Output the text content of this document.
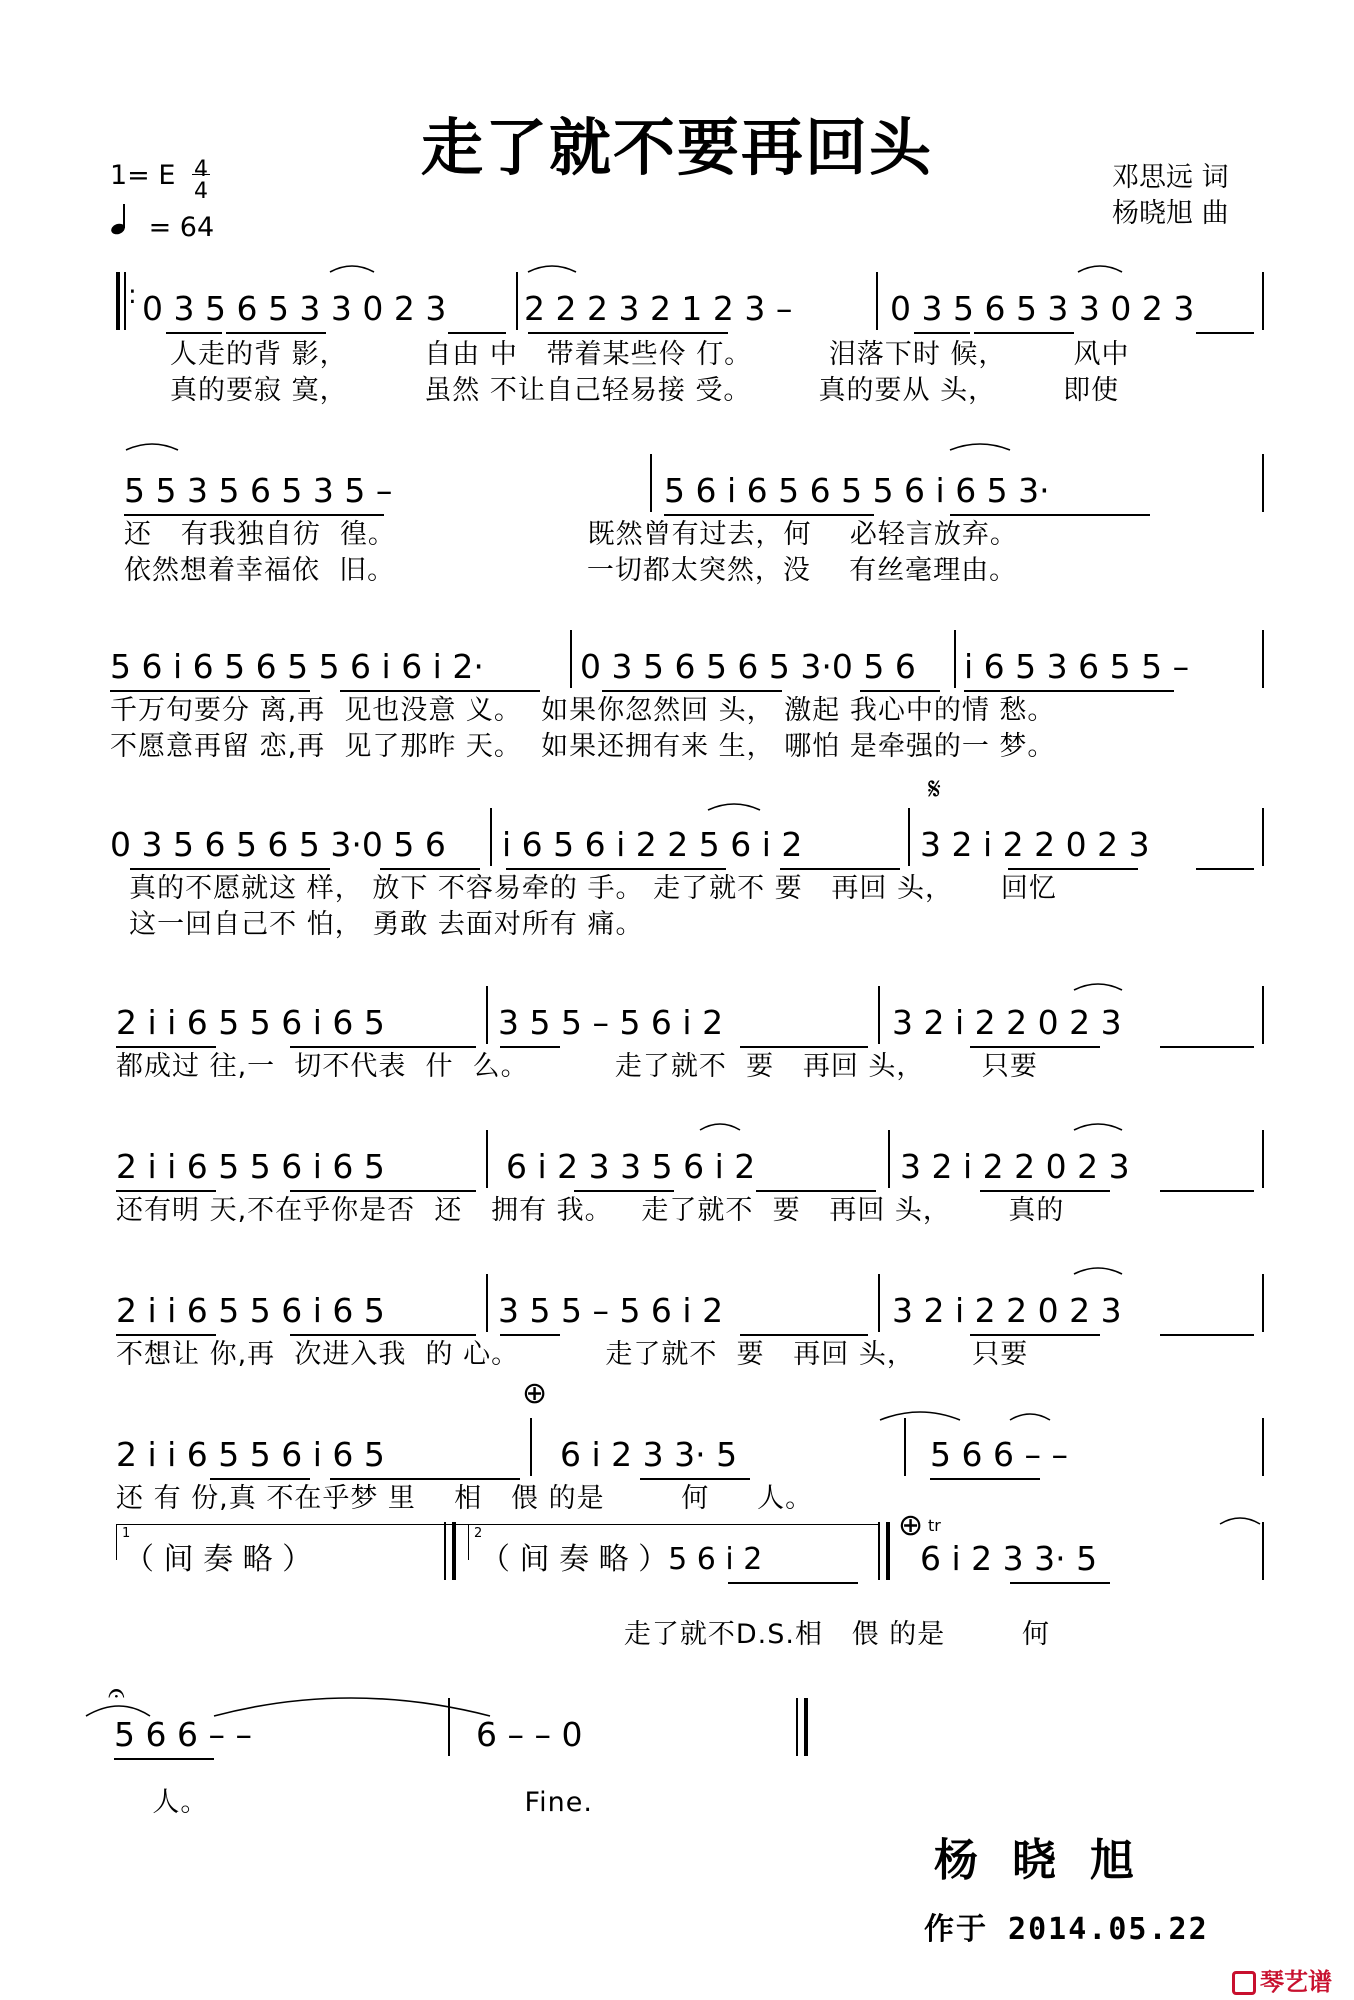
走了就不要再回头
1= E 4
4
= 64
邓思远 词
杨晓旭 曲
: 0 3 5 6 5 3 3 0 2 3	2 2 2 3 2 1 2 3 –	0 3 5 6 5 3 3 0 2 3
人走的背 影，        自由 中   带着某些伶 仃。        泪落下时 候，       风中
真的要寂 寞，        虽然 不让自己轻易接 受。       真的要从 头，       即使
5 5 3 5 6 5 3 5 –	5 6 i 6 5 6 5 5 6 i 6 5 3·
还   有我独自彷  徨。                    既然曾有过去，何    必轻言放弃。
依然想着幸福依  旧。                    一切都太突然，没    有丝毫理由。
5 6 i 6 5 6 5 5 6 i 6 i 2·	0 3 5 6 5 6 5 3·0 5 6	i 6 5 3 6 5 5 –
千万句要分 离,再  见也没意 义。  如果你忽然回 头， 激起 我心中的情 愁。
不愿意再留 恋,再  见了那昨 天。  如果还拥有来 生， 哪怕 是牵强的一 梦。
𝄋
0 3 5 6 5 6 5 3·0 5 6	i 6 5 6 i 2 2 5 6 i 2	3 2 i 2 2 0 2 3
真的不愿就这 样， 放下 不容易牵的 手。 走了就不 要   再回 头，     回忆
这一回自己不 怕， 勇敢 去面对所有 痛。
2 i i 6 5 5 6 i 6 5	3 5 5 – 5 6 i 2	3 2 i 2 2 0 2 3
都成过 往,一  切不代表  什  么。         走了就不  要   再回 头，      只要
2 i i 6 5 5 6 i 6 5	6 i 2 3 3 5 6 i 2	3 2 i 2 2 0 2 3
还有明 天,不在乎你是否  还   拥有 我。   走了就不  要   再回 头，      真的
2 i i 6 5 5 6 i 6 5	3 5 5 – 5 6 i 2	3 2 i 2 2 0 2 3
不想让 你,再  次进入我  的 心。         走了就不  要   再回 头，      只要
⊕
2 i i 6 5 5 6 i 6 5	6 i 2 3 3· 5	5 6 6 – –
还 有 份,真 不在乎梦 里    相   偎 的是        何     人。
1	2	⊕ tr
（ 间 奏 略 ）	（ 间 奏 略 ）5 6 i 2	6 i 2 3 3· 5
走了就不D.S.相   偎 的是        何
𝄐
5 6 6 – –	6 – – 0
人。                                 Fine.
杨晓旭
作于 2014.05.22
琴艺谱
